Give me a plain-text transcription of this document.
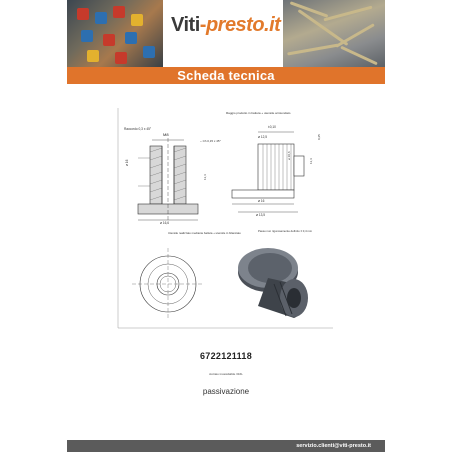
Viti-presto.it
Scheda tecnica
Raccordo 0,3 x 45°
M8
~ Ch 0,15 x 45°
ø 16
11,4
ø 16,6
Raggio prodotto in battuta + utensile arrotondato
±0,10
ø 12,5
ø 10,6
11,4
0,25
ø 16
ø 13,5
Utensile realizzato mediante battuta + utensile in bilanciato	Passo non rigorosamente definito ± 0,4 mm
6722121118
Acciaio inossidabile 316L
passivazione
servizio.clienti@viti-presto.it
